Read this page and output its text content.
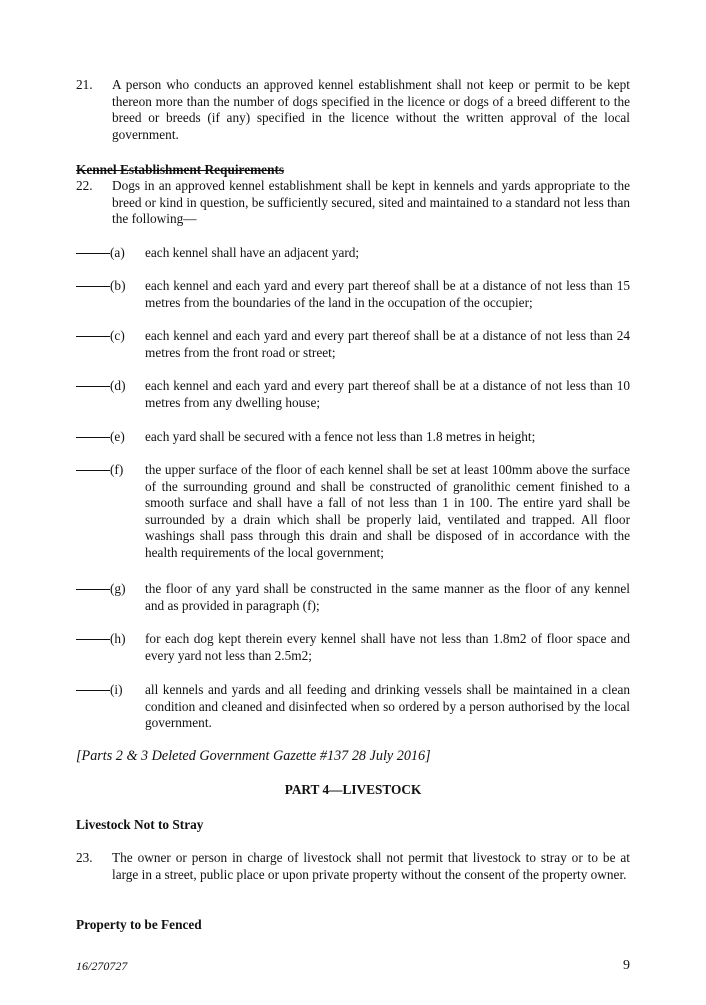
21.	A person who conducts an approved kennel establishment shall not keep or permit to be kept thereon more than the number of dogs specified in the licence or dogs of a breed different to the breed or breeds (if any) specified in the licence without the written approval of the local government.
Kennel Establishment Requirements
22.	Dogs in an approved kennel establishment shall be kept in kennels and yards appropriate to the breed or kind in question, be sufficiently secured, sited and maintained to a standard not less than the following—
(a)	each kennel shall have an adjacent yard;
(b)	each kennel and each yard and every part thereof shall be at a distance of not less than 15 metres from the boundaries of the land in the occupation of the occupier;
(c)	each kennel and each yard and every part thereof shall be at a distance of not less than 24 metres from the front road or street;
(d)	each kennel and each yard and every part thereof shall be at a distance of not less than 10 metres from any dwelling house;
(e)	each yard shall be secured with a fence not less than 1.8 metres in height;
(f)	the upper surface of the floor of each kennel shall be set at least 100mm above the surface of the surrounding ground and shall be constructed of granolithic cement finished to a smooth surface and shall have a fall of not less than 1 in 100. The entire yard shall be surrounded by a drain which shall be properly laid, ventilated and trapped. All floor washings shall pass through this drain and shall be disposed of in accordance with the health requirements of the local government;
(g)	the floor of any yard shall be constructed in the same manner as the floor of any kennel and as provided in paragraph (f);
(h)	for each dog kept therein every kennel shall have not less than 1.8m2 of floor space and every yard not less than 2.5m2;
(i)	all kennels and yards and all feeding and drinking vessels shall be maintained in a clean condition and cleaned and disinfected when so ordered by a person authorised by the local government.
[Parts 2 & 3 Deleted Government Gazette #137 28 July 2016]
PART 4—LIVESTOCK
Livestock Not to Stray
23.	The owner or person in charge of livestock shall not permit that livestock to stray or to be at large in a street, public place or upon private property without the consent of the property owner.
Property to be Fenced
16/270727	9
